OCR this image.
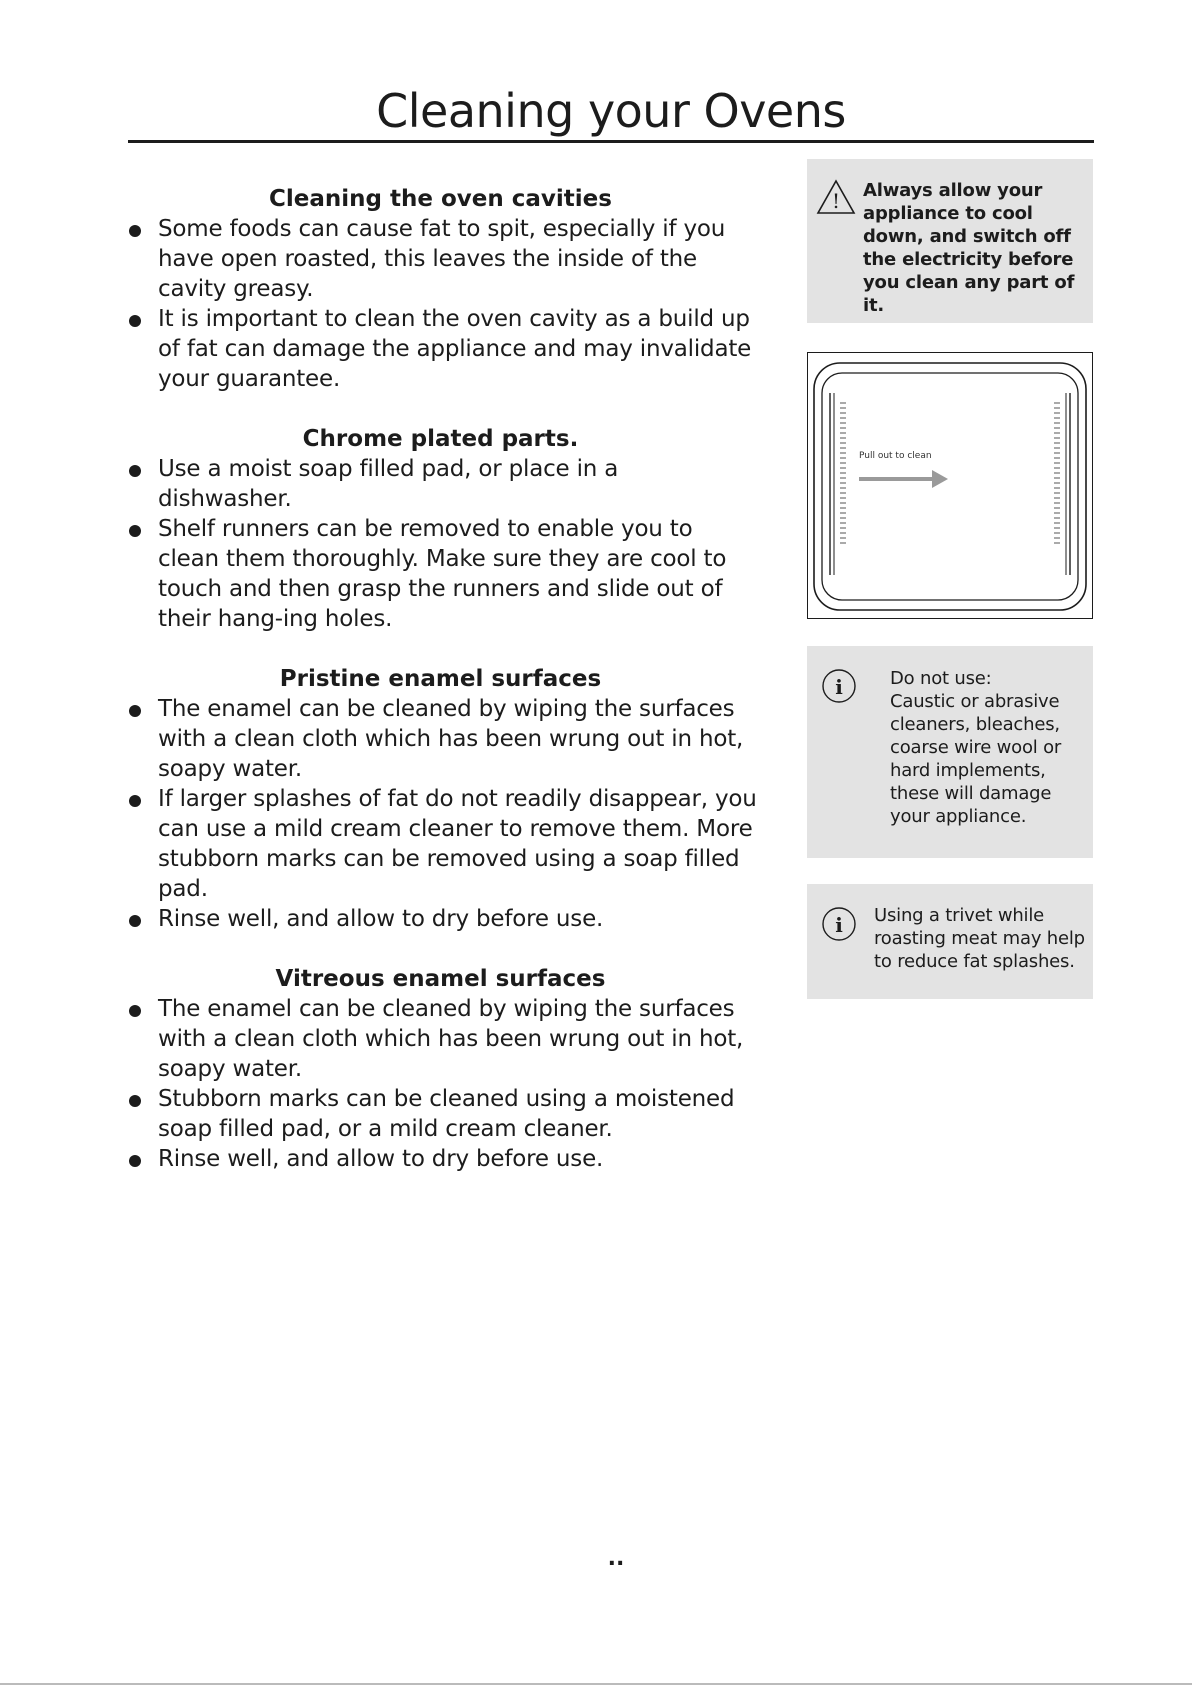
Cleaning your Ovens
Cleaning the oven cavities
Some foods can cause fat to spit, especially if you have open roasted, this leaves the inside of the cavity greasy.
It is important to clean the oven cavity as a build up of fat can damage the appliance and may invalidate your guarantee.
Chrome plated parts.
Use a moist soap filled pad, or place in a dishwasher.
Shelf runners can be removed to enable you to clean them thoroughly. Make sure they are cool to touch and then grasp the runners and slide out of their hang-ing holes.
Pristine enamel surfaces
The enamel can be cleaned by wiping the surfaces with a clean cloth which has been wrung out in hot, soapy water.
If larger splashes of fat do not readily disappear, you can use a mild cream cleaner to remove them. More stubborn marks can be removed using a soap filled pad.
Rinse well, and allow to dry before use.
Vitreous enamel surfaces
The enamel can be cleaned by wiping the surfaces with a clean cloth which has been wrung out in hot, soapy water.
Stubborn marks can be cleaned using a moistened soap filled pad, or a mild cream cleaner.
Rinse well, and allow to dry before use.
! Always allow your appliance to cool down, and switch off the electricity before you clean any part of it.
Pull out to clean
i	Do not use:
Caustic or abrasive
cleaners, bleaches,
coarse wire wool or
hard implements,
these will damage
your appliance.
i Using a trivet while
roasting meat may help
to reduce fat splashes.
..
